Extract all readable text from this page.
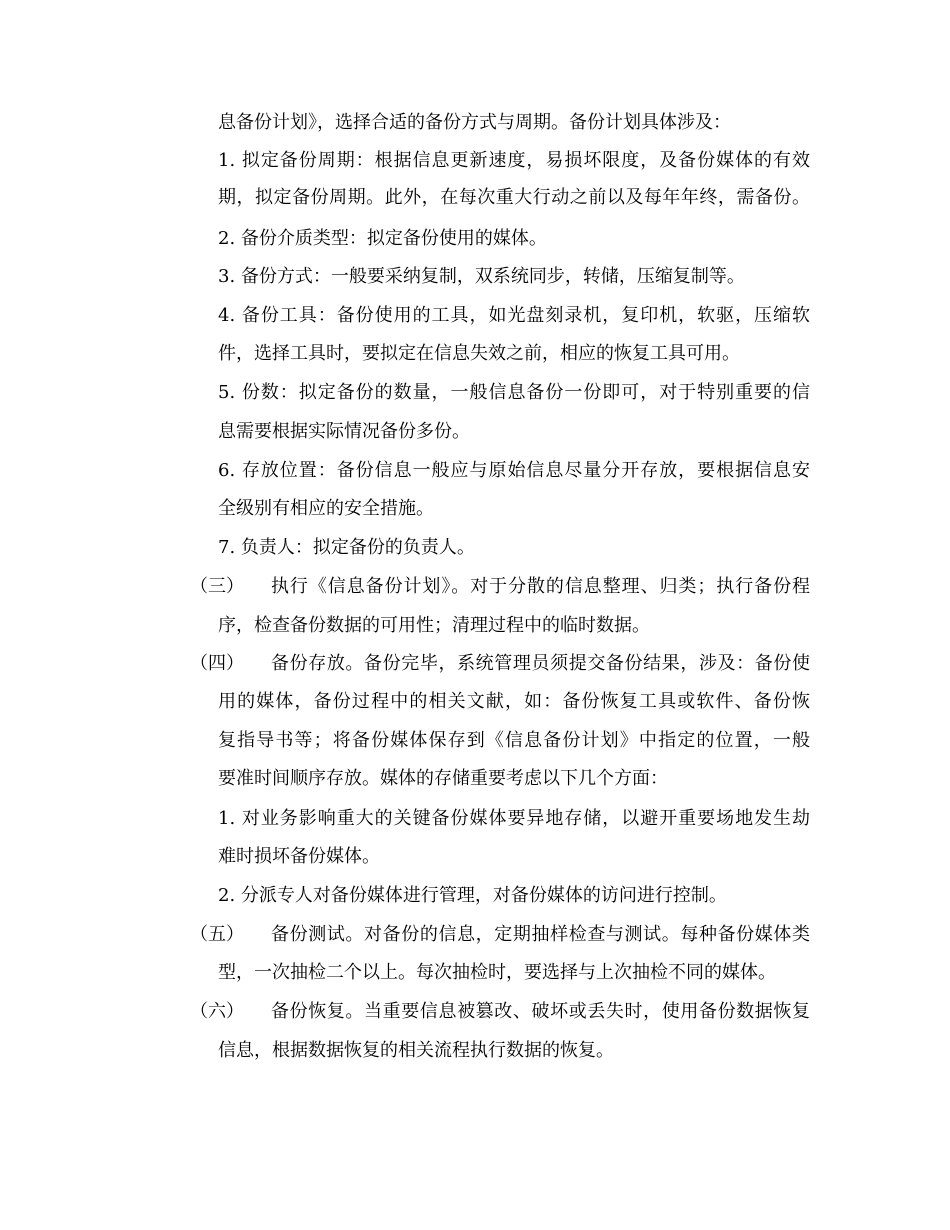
息备份计划》，选择合适的备份方式与周期。备份计划具体涉及：
1. 拟定备份周期：根据信息更新速度，易损坏限度，及备份媒体的有效
期，拟定备份周期。此外，在每次重大行动之前以及每年年终，需备份。
2. 备份介质类型：拟定备份使用的媒体。
3. 备份方式：一般要采纳复制，双系统同步，转储，压缩复制等。
4. 备份工具：备份使用的工具，如光盘刻录机，复印机，软驱，压缩软
件，选择工具时，要拟定在信息失效之前，相应的恢复工具可用。
5. 份数：拟定备份的数量，一般信息备份一份即可，对于特别重要的信
息需要根据实际情况备份多份。
6. 存放位置：备份信息一般应与原始信息尽量分开存放，要根据信息安
全级别有相应的安全措施。
7. 负责人：拟定备份的负责人。
（三） 执行《信息备份计划》。对于分散的信息整理、归类；执行备份程
序，检查备份数据的可用性；清理过程中的临时数据。
（四） 备份存放。备份完毕，系统管理员须提交备份结果，涉及：备份使
用的媒体，备份过程中的相关文献，如：备份恢复工具或软件、备份恢
复指导书等；将备份媒体保存到《信息备份计划》中指定的位置，一般
要准时间顺序存放。媒体的存储重要考虑以下几个方面：
1. 对业务影响重大的关键备份媒体要异地存储，以避开重要场地发生劫
难时损坏备份媒体。
2. 分派专人对备份媒体进行管理，对备份媒体的访问进行控制。
（五） 备份测试。对备份的信息，定期抽样检查与测试。每种备份媒体类
型，一次抽检二个以上。每次抽检时，要选择与上次抽检不同的媒体。
（六） 备份恢复。当重要信息被篡改、破坏或丢失时，使用备份数据恢复
信息，根据数据恢复的相关流程执行数据的恢复。
